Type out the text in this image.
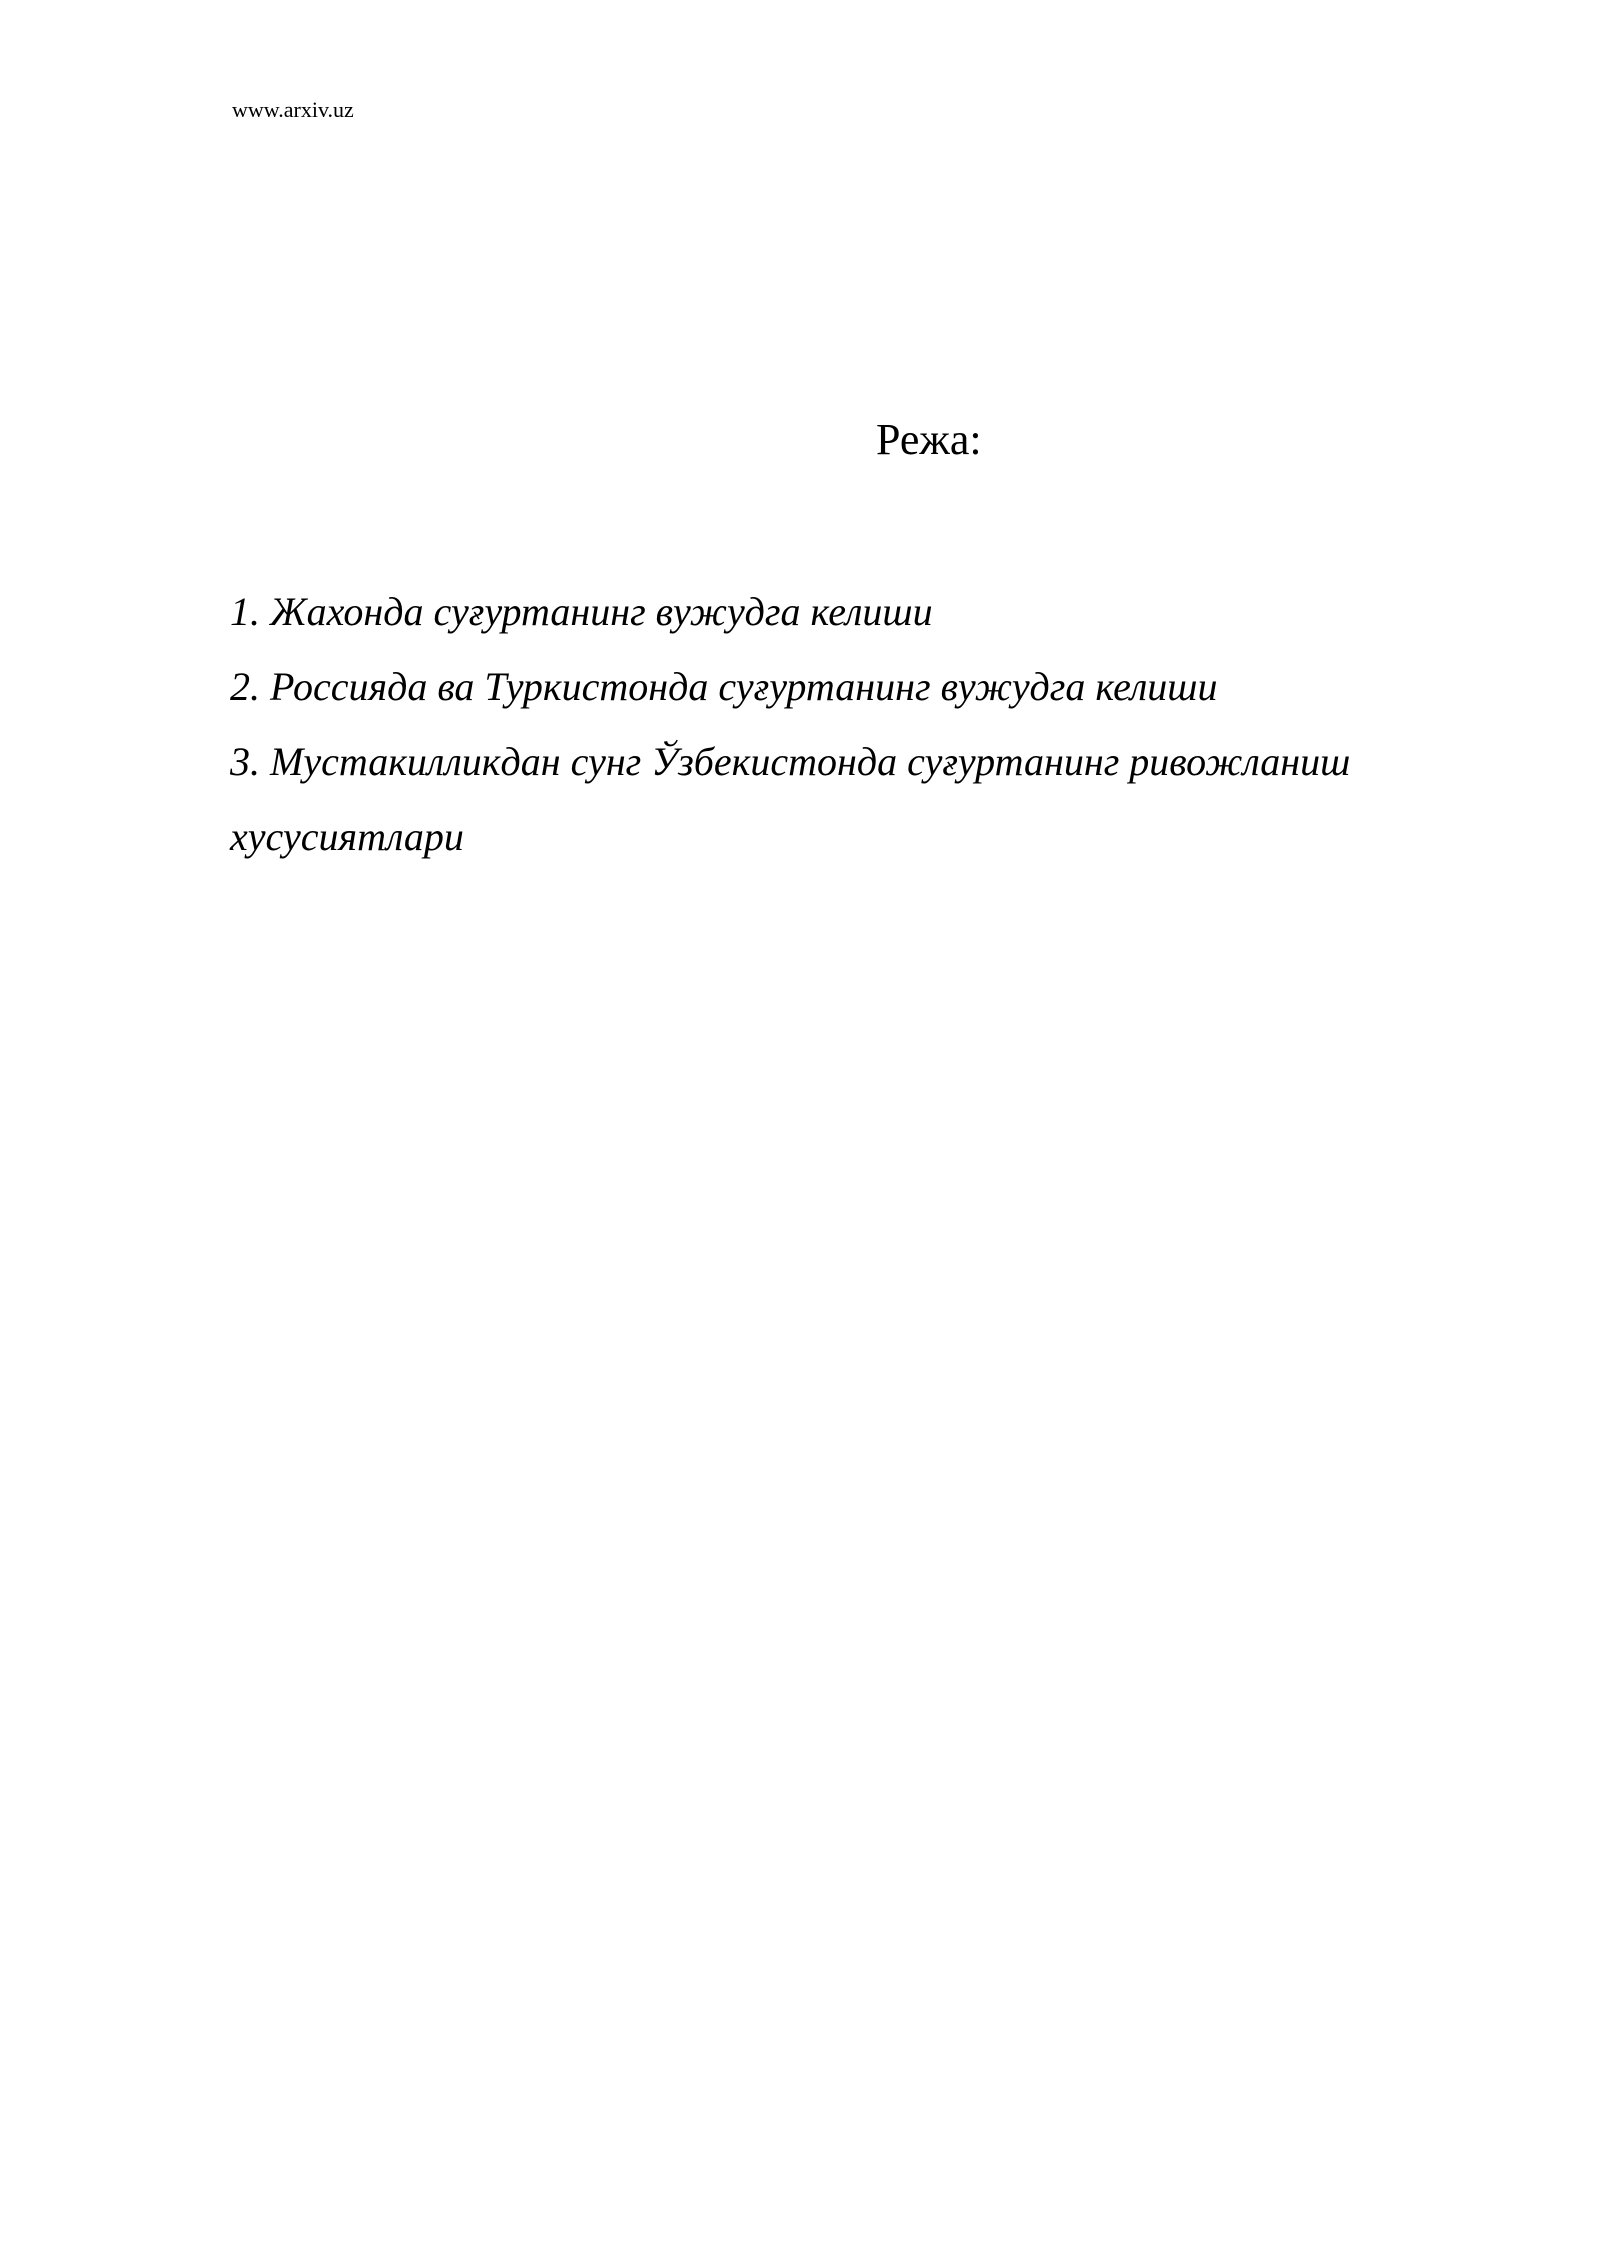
www.arxiv.uz
Режа:
1. Жахонда суғуртанинг вужудга келиши
2. Россияда ва Туркистонда суғуртанинг вужудга келиши
3. Мустакилликдан сунг Ўзбекистонда суғуртанинг ривожланиш хусусиятлари
